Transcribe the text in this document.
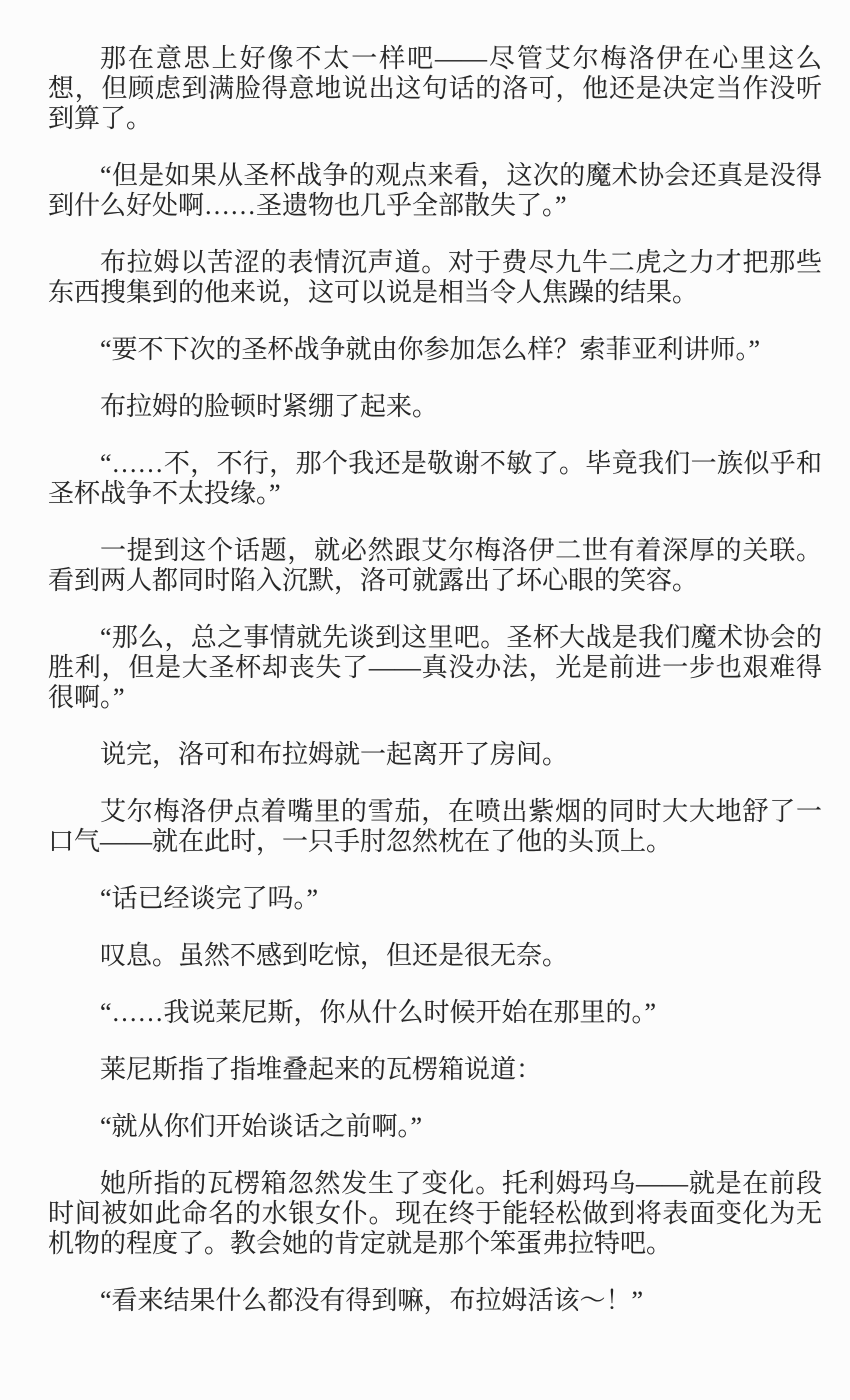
那在意思上好像不太一样吧——尽管艾尔梅洛伊在心里这么想，但顾虑到满脸得意地说出这句话的洛可，他还是决定当作没听到算了。

“但是如果从圣杯战争的观点来看，这次的魔术协会还真是没得到什么好处啊……圣遗物也几乎全部散失了。”

布拉姆以苦涩的表情沉声道。对于费尽九牛二虎之力才把那些东西搜集到的他来说，这可以说是相当令人焦躁的结果。

“要不下次的圣杯战争就由你参加怎么样？索菲亚利讲师。”

布拉姆的脸顿时紧绷了起来。

“……不，不行，那个我还是敬谢不敏了。毕竟我们一族似乎和圣杯战争不太投缘。”

一提到这个话题，就必然跟艾尔梅洛伊二世有着深厚的关联。看到两人都同时陷入沉默，洛可就露出了坏心眼的笑容。

“那么，总之事情就先谈到这里吧。圣杯大战是我们魔术协会的胜利，但是大圣杯却丧失了——真没办法，光是前进一步也艰难得很啊。”

说完，洛可和布拉姆就一起离开了房间。

艾尔梅洛伊点着嘴里的雪茄，在喷出紫烟的同时大大地舒了一口气——就在此时，一只手肘忽然枕在了他的头顶上。

“话已经谈完了吗。”

叹息。虽然不感到吃惊，但还是很无奈。

“……我说莱尼斯，你从什么时候开始在那里的。”

莱尼斯指了指堆叠起来的瓦楞箱说道：

“就从你们开始谈话之前啊。”

她所指的瓦楞箱忽然发生了变化。托利姆玛乌——就是在前段时间被如此命名的水银女仆。现在终于能轻松做到将表面变化为无机物的程度了。教会她的肯定就是那个笨蛋弗拉特吧。

“看来结果什么都没有得到嘛，布拉姆活该～！”
